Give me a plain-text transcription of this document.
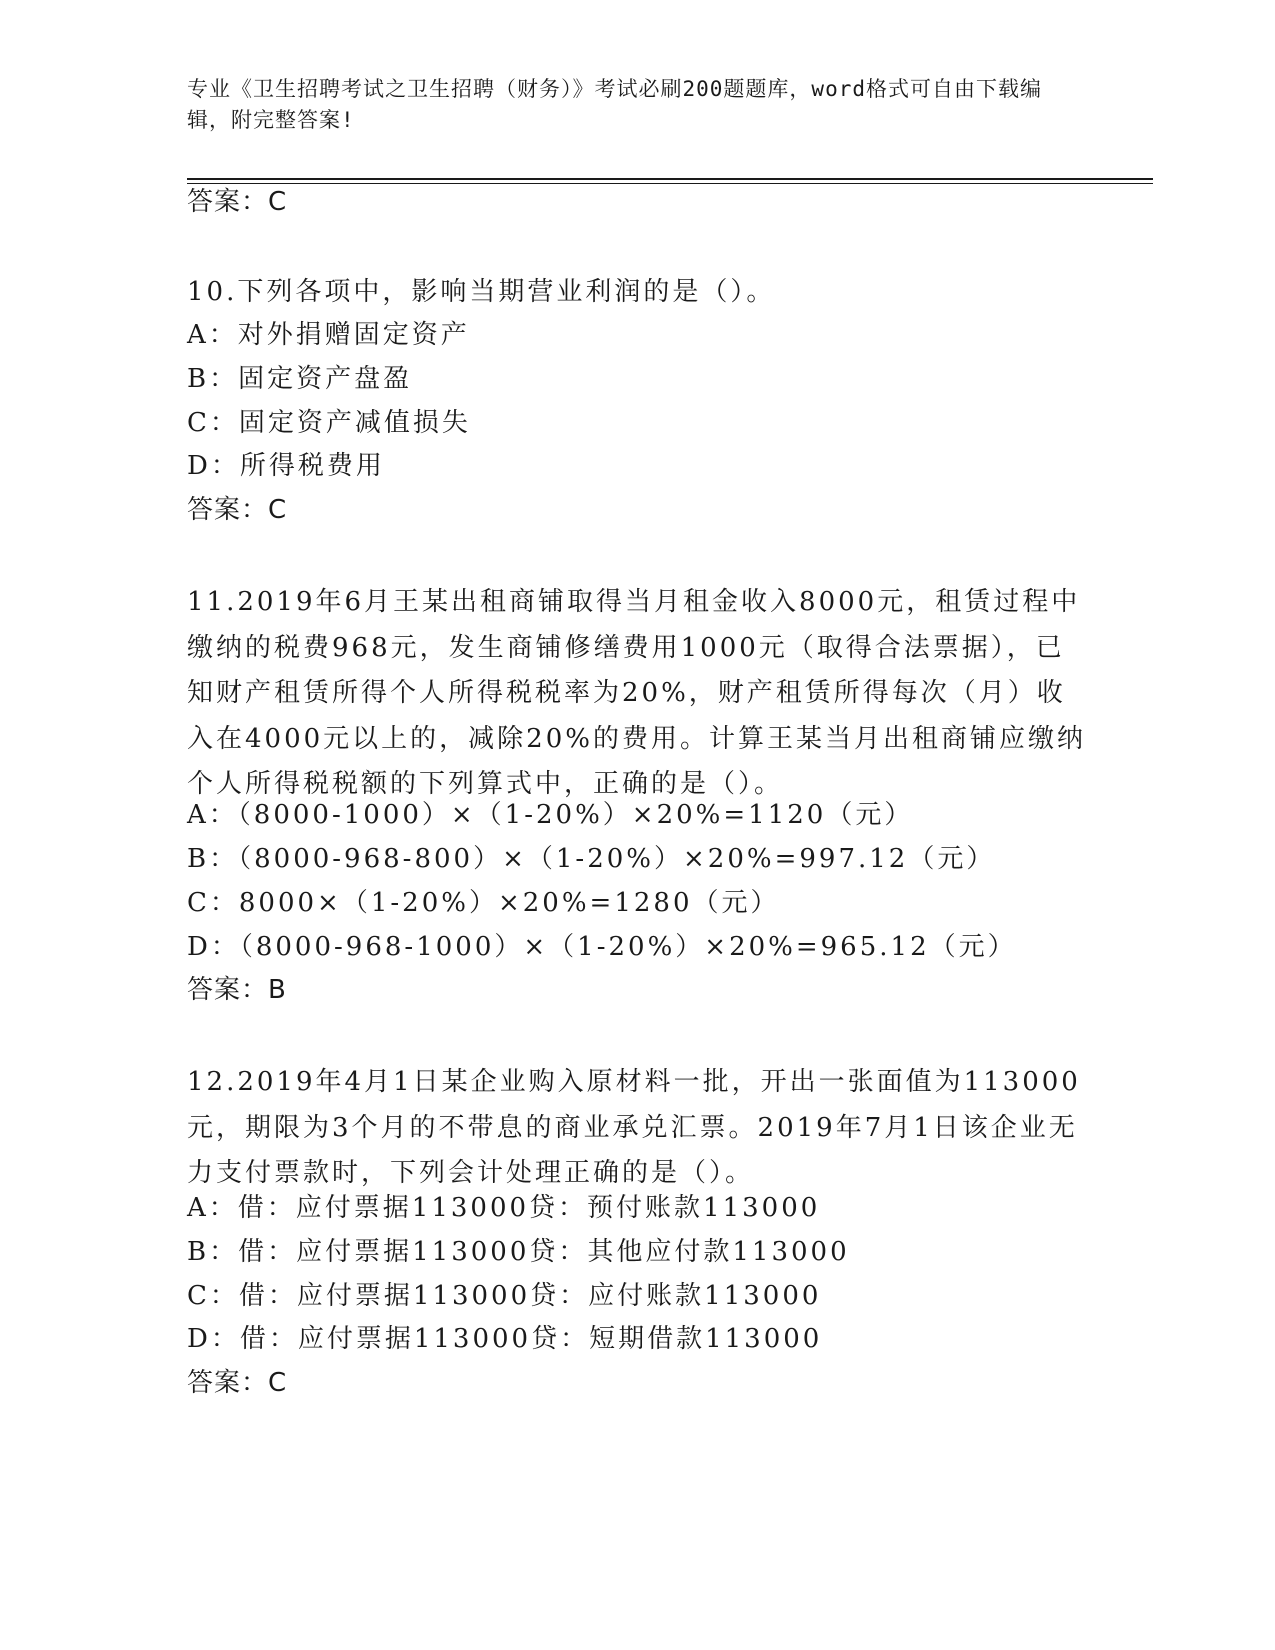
专业《卫生招聘考试之卫生招聘（财务）》考试必刷200题题库，word格式可自由下载编辑，附完整答案!
答案：C
10.下列各项中，影响当期营业利润的是（）。
A：对外捐赠固定资产
B：固定资产盘盈
C：固定资产减值损失
D：所得税费用
答案：C
11.2019年6月王某出租商铺取得当月租金收入8000元，租赁过程中缴纳的税费968元，发生商铺修缮费用1000元（取得合法票据），已知财产租赁所得个人所得税税率为20%，财产租赁所得每次（月）收入在4000元以上的，减除20%的费用。计算王某当月出租商铺应缴纳个人所得税税额的下列算式中，正确的是（）。
A：（8000-1000）×（1-20%）×20%=1120（元）
B：（8000-968-800）×（1-20%）×20%=997.12（元）
C：8000×（1-20%）×20%=1280（元）
D：（8000-968-1000）×（1-20%）×20%=965.12（元）
答案：B
12.2019年4月1日某企业购入原材料一批，开出一张面值为113000元，期限为3个月的不带息的商业承兑汇票。2019年7月1日该企业无力支付票款时，下列会计处理正确的是（）。
A：借：应付票据113000贷：预付账款113000
B：借：应付票据113000贷：其他应付款113000
C：借：应付票据113000贷：应付账款113000
D：借：应付票据113000贷：短期借款113000
答案：C
